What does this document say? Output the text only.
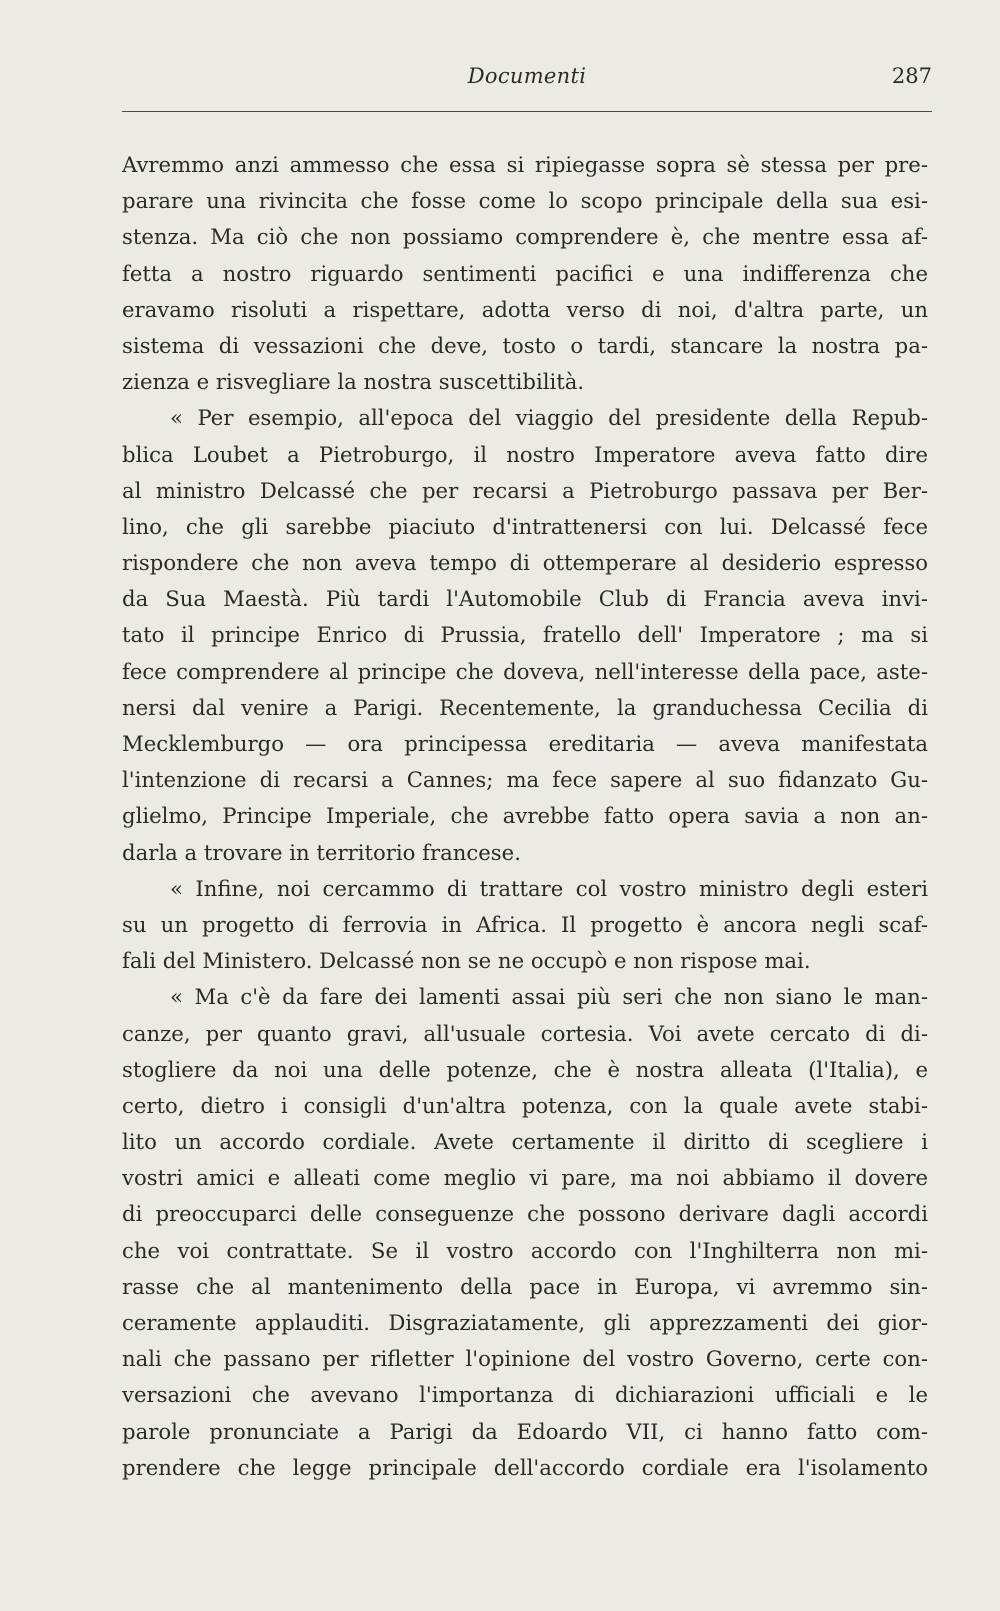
Documenti	287
Avremmo anzi ammesso che essa si ripiegasse sopra sè stessa per pre-
parare una rivincita che fosse come lo scopo principale della sua esi-
stenza. Ma ciò che non possiamo comprendere è, che mentre essa af-
fetta a nostro riguardo sentimenti pacifici e una indifferenza che
eravamo risoluti a rispettare, adotta verso di noi, d'altra parte, un
sistema di vessazioni che deve, tosto o tardi, stancare la nostra pa-
zienza e risvegliare la nostra suscettibilità.
« Per esempio, all'epoca del viaggio del presidente della Repub-
blica Loubet a Pietroburgo, il nostro Imperatore aveva fatto dire
al ministro Delcassé che per recarsi a Pietroburgo passava per Ber-
lino, che gli sarebbe piaciuto d'intrattenersi con lui. Delcassé fece
rispondere che non aveva tempo di ottemperare al desiderio espresso
da Sua Maestà. Più tardi l'Automobile Club di Francia aveva invi-
tato il principe Enrico di Prussia, fratello dell' Imperatore ; ma si
fece comprendere al principe che doveva, nell'interesse della pace, aste-
nersi dal venire a Parigi. Recentemente, la granduchessa Cecilia di
Mecklemburgo — ora principessa ereditaria — aveva manifestata
l'intenzione di recarsi a Cannes; ma fece sapere al suo fidanzato Gu-
glielmo, Principe Imperiale, che avrebbe fatto opera savia a non an-
darla a trovare in territorio francese.
« Infine, noi cercammo di trattare col vostro ministro degli esteri
su un progetto di ferrovia in Africa. Il progetto è ancora negli scaf-
fali del Ministero. Delcassé non se ne occupò e non rispose mai.
« Ma c'è da fare dei lamenti assai più seri che non siano le man-
canze, per quanto gravi, all'usuale cortesia. Voi avete cercato di di-
stogliere da noi una delle potenze, che è nostra alleata (l'Italia), e
certo, dietro i consigli d'un'altra potenza, con la quale avete stabi-
lito un accordo cordiale. Avete certamente il diritto di scegliere i
vostri amici e alleati come meglio vi pare, ma noi abbiamo il dovere
di preoccuparci delle conseguenze che possono derivare dagli accordi
che voi contrattate. Se il vostro accordo con l'Inghilterra non mi-
rasse che al mantenimento della pace in Europa, vi avremmo sin-
ceramente applauditi. Disgraziatamente, gli apprezzamenti dei gior-
nali che passano per rifletter l'opinione del vostro Governo, certe con-
versazioni che avevano l'importanza di dichiarazioni ufficiali e le
parole pronunciate a Parigi da Edoardo VII, ci hanno fatto com-
prendere che legge principale dell'accordo cordiale era l'isolamento
